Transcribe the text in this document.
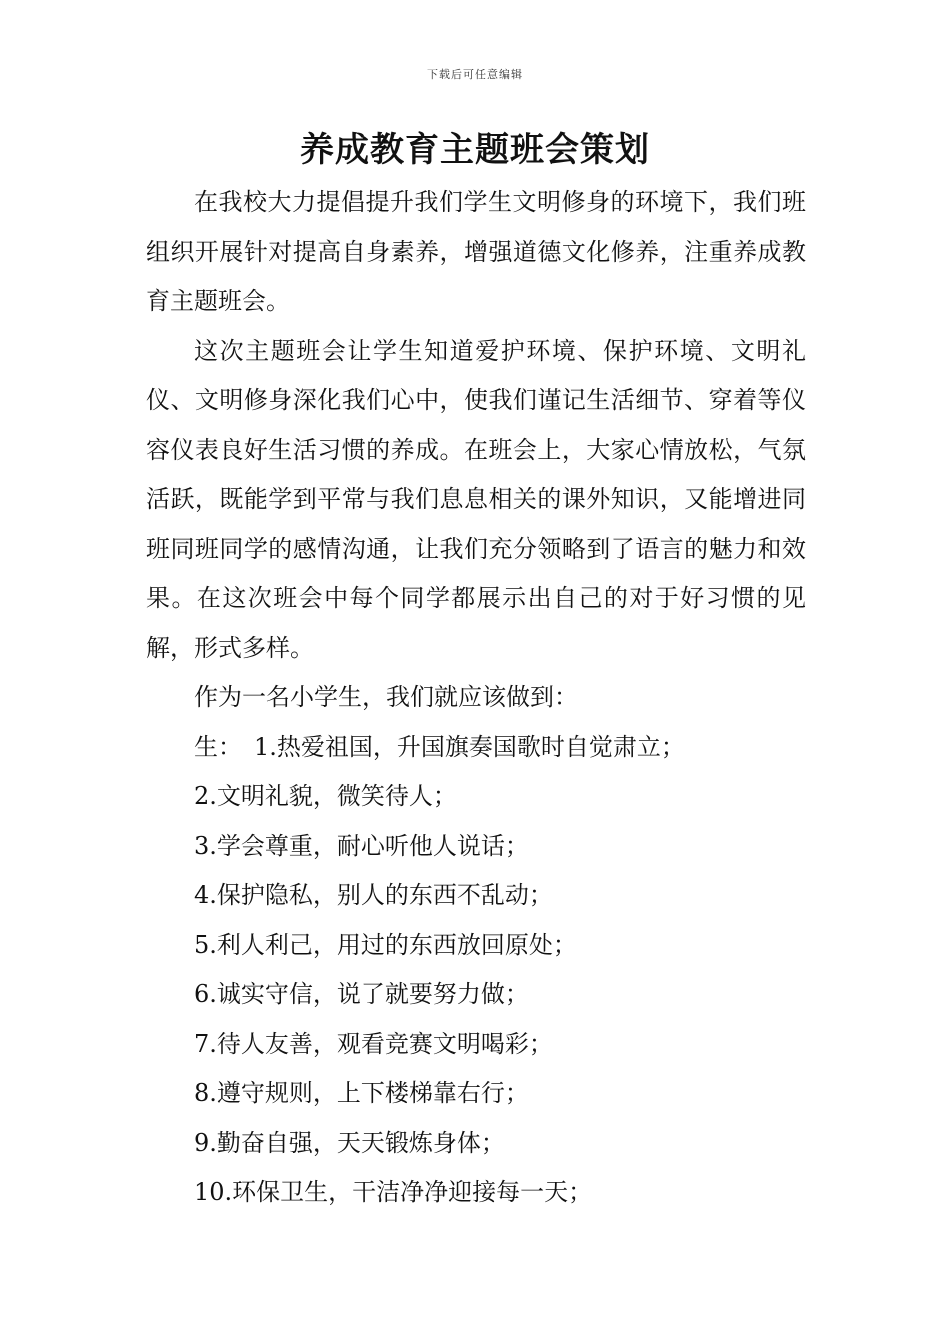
下载后可任意编辑
养成教育主题班会策划

在我校大力提倡提升我们学生文明修身的环境下，我们班组织开展针对提高自身素养，增强道德文化修养，注重养成教育主题班会。

这次主题班会让学生知道爱护环境、保护环境、文明礼仪、文明修身深化我们心中，使我们谨记生活细节、穿着等仪容仪表良好生活习惯的养成。在班会上，大家心情放松，气氛活跃，既能学到平常与我们息息相关的课外知识，又能增进同班同班同学的感情沟通，让我们充分领略到了语言的魅力和效果。在这次班会中每个同学都展示出自己的对于好习惯的见解，形式多样。

作为一名小学生，我们就应该做到：

生：　1.热爱祖国，升国旗奏国歌时自觉肃立；

2.文明礼貌，微笑待人；

3.学会尊重，耐心听他人说话；

4.保护隐私，别人的东西不乱动；

5.利人利己，用过的东西放回原处；

6.诚实守信，说了就要努力做；

7.待人友善，观看竞赛文明喝彩；

8.遵守规则，上下楼梯靠右行；

9.勤奋自强，天天锻炼身体；

10.环保卫生，干洁净净迎接每一天；
